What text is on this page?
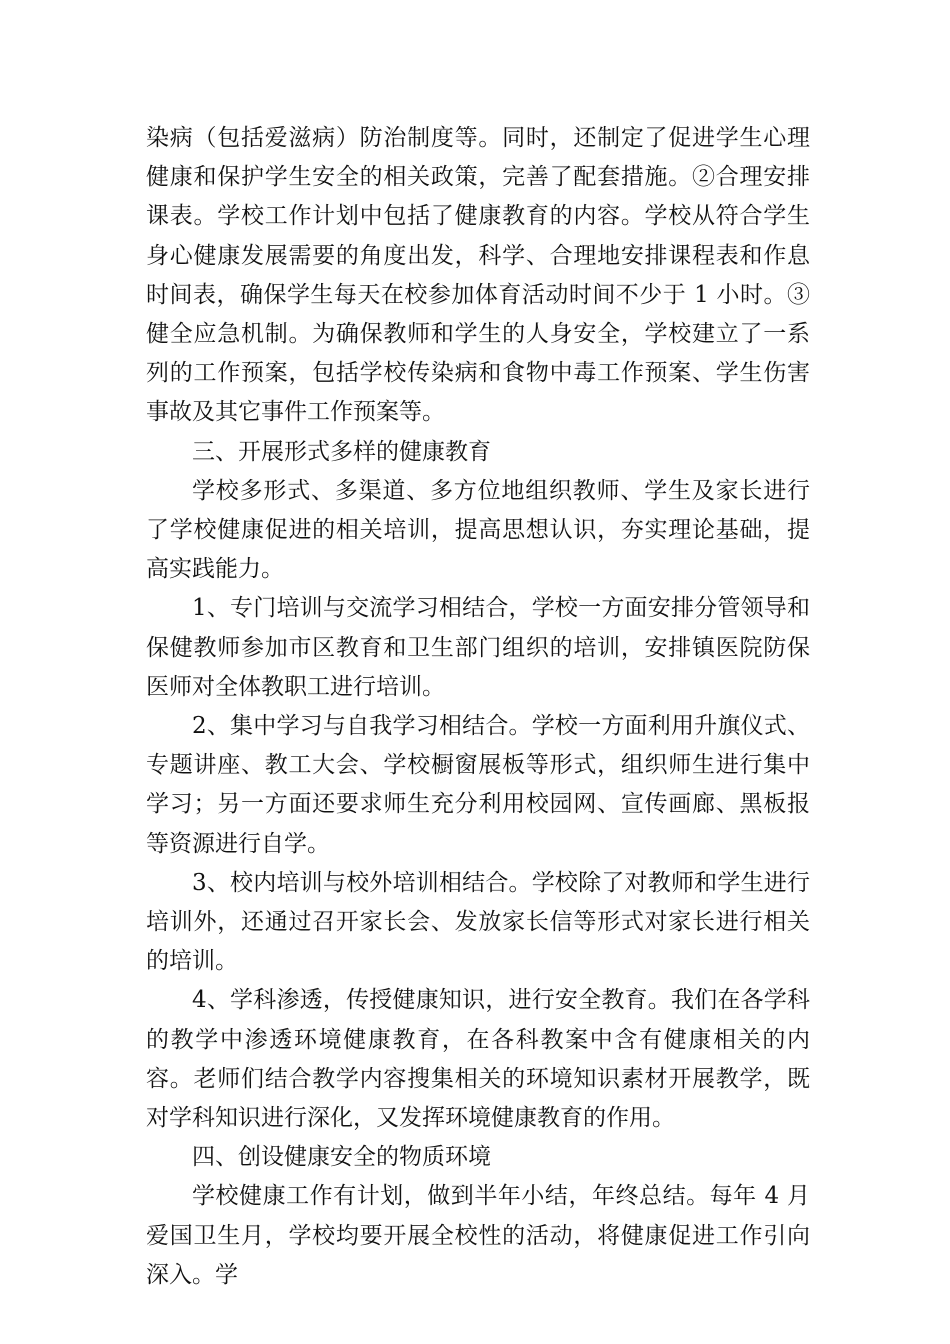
染病（包括爱滋病）防治制度等。同时，还制定了促进学生心理健康和保护学生安全的相关政策，完善了配套措施。②合理安排课表。学校工作计划中包括了健康教育的内容。学校从符合学生身心健康发展需要的角度出发，科学、合理地安排课程表和作息时间表，确保学生每天在校参加体育活动时间不少于 1 小时。③健全应急机制。为确保教师和学生的人身安全，学校建立了一系列的工作预案，包括学校传染病和食物中毒工作预案、学生伤害事故及其它事件工作预案等。

三、开展形式多样的健康教育

学校多形式、多渠道、多方位地组织教师、学生及家长进行了学校健康促进的相关培训，提高思想认识，夯实理论基础，提高实践能力。

1、专门培训与交流学习相结合，学校一方面安排分管领导和保健教师参加市区教育和卫生部门组织的培训，安排镇医院防保医师对全体教职工进行培训。

2、集中学习与自我学习相结合。学校一方面利用升旗仪式、专题讲座、教工大会、学校橱窗展板等形式，组织师生进行集中学习；另一方面还要求师生充分利用校园网、宣传画廊、黑板报等资源进行自学。

3、校内培训与校外培训相结合。学校除了对教师和学生进行培训外，还通过召开家长会、发放家长信等形式对家长进行相关的培训。

4、学科渗透，传授健康知识，进行安全教育。我们在各学科的教学中渗透环境健康教育，在各科教案中含有健康相关的内容。老师们结合教学内容搜集相关的环境知识素材开展教学，既对学科知识进行深化，又发挥环境健康教育的作用。

四、创设健康安全的物质环境

学校健康工作有计划，做到半年小结，年终总结。每年 4 月爱国卫生月，学校均要开展全校性的活动，将健康促进工作引向深入。学
